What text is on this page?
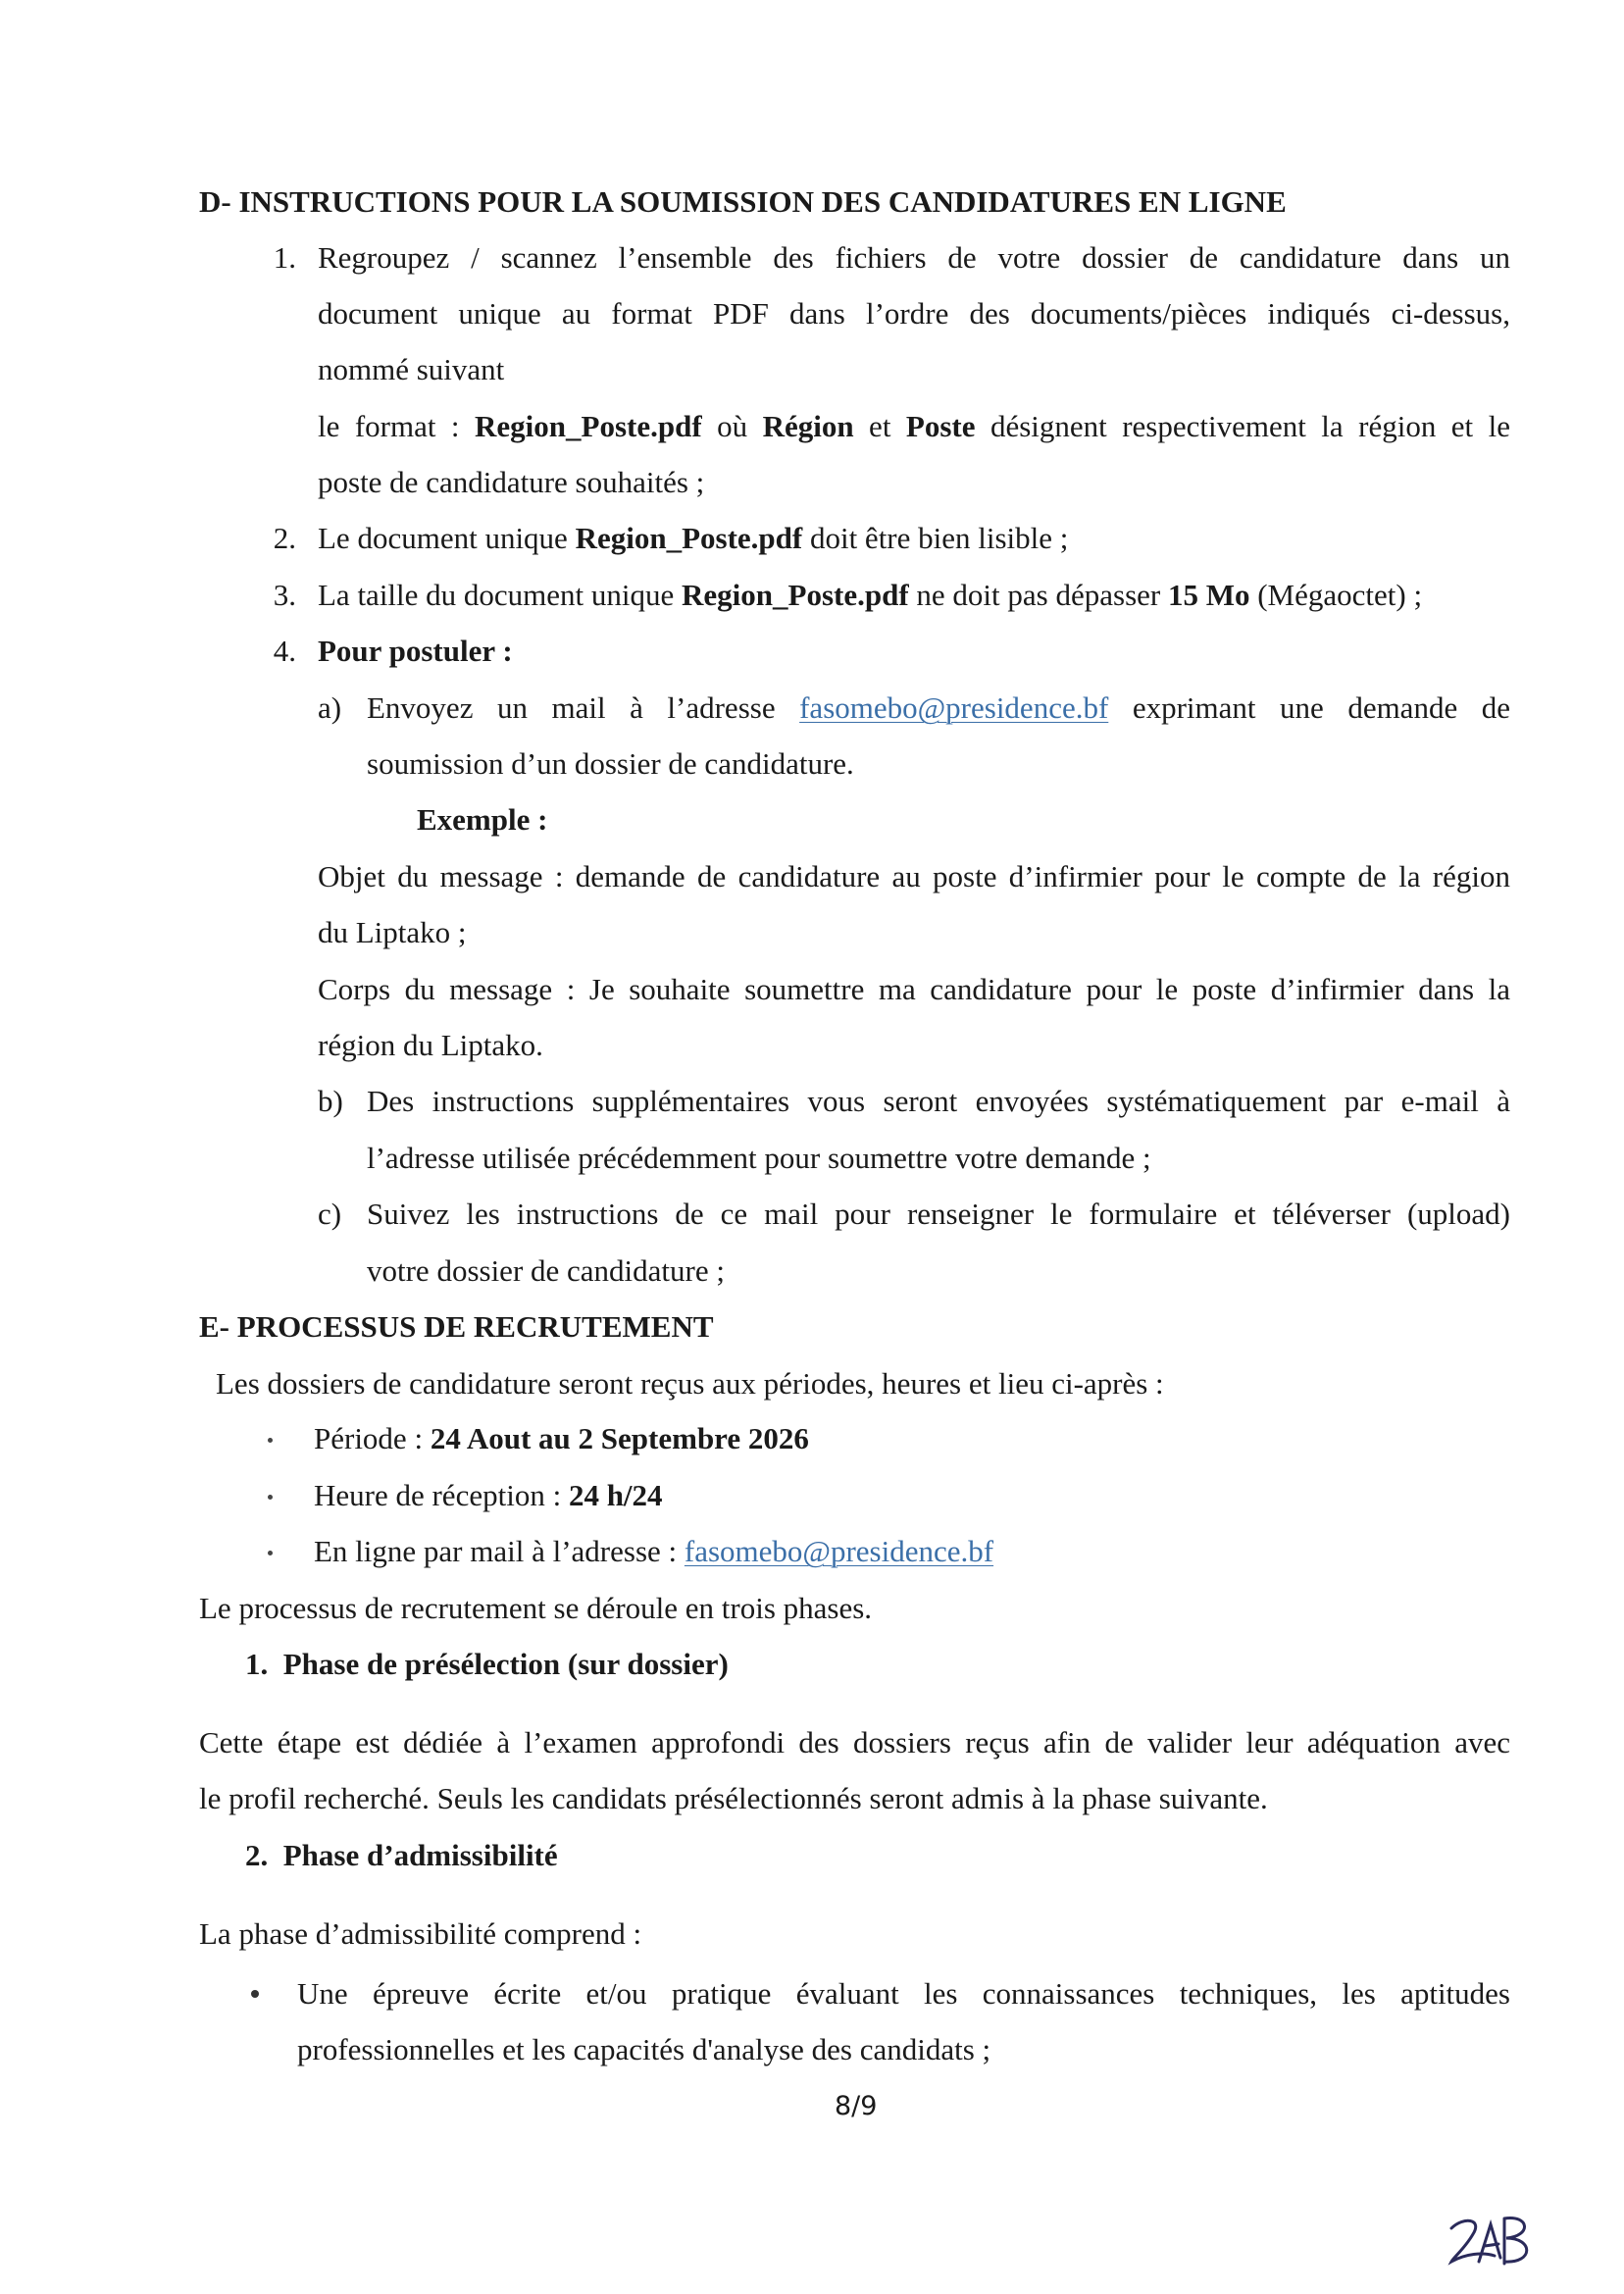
D- INSTRUCTIONS POUR LA SOUMISSION DES CANDIDATURES EN LIGNE
1. Regroupez / scannez l’ensemble des fichiers de votre dossier de candidature dans un
document unique au format PDF dans l’ordre des documents/pièces indiqués ci-dessus,
nommé suivant
le format : Region_Poste.pdf où Région et Poste désignent respectivement la région et le
poste de candidature souhaités ;
2. Le document unique Region_Poste.pdf doit être bien lisible ;
3. La taille du document unique Region_Poste.pdf ne doit pas dépasser 15 Mo (Mégaoctet) ;
4. Pour postuler :
a) Envoyez un mail à l’adresse fasomebo@presidence.bf exprimant une demande de
soumission d’un dossier de candidature.
Exemple :
Objet du message : demande de candidature au poste d’infirmier pour le compte de la région
du Liptako ;
Corps du message : Je souhaite soumettre ma candidature pour le poste d’infirmier dans la
région du Liptako.
b) Des instructions supplémentaires vous seront envoyées systématiquement par e-mail à
l’adresse utilisée précédemment pour soumettre votre demande ;
c) Suivez les instructions de ce mail pour renseigner le formulaire et téléverser (upload)
votre dossier de candidature ;
E- PROCESSUS DE RECRUTEMENT
Les dossiers de candidature seront reçus aux périodes, heures et lieu ci-après :
Période : 24 Aout au 2 Septembre 2026
Heure de réception : 24 h/24
En ligne par mail à l’adresse : fasomebo@presidence.bf
Le processus de recrutement se déroule en trois phases.
1.  Phase de présélection (sur dossier)
Cette étape est dédiée à l’examen approfondi des dossiers reçus afin de valider leur adéquation avec
le profil recherché. Seuls les candidats présélectionnés seront admis à la phase suivante.
2.  Phase d’admissibilité
La phase d’admissibilité comprend :
Une épreuve écrite et/ou pratique évaluant les connaissances techniques, les aptitudes
professionnelles et les capacités d'analyse des candidats ;
8/9
